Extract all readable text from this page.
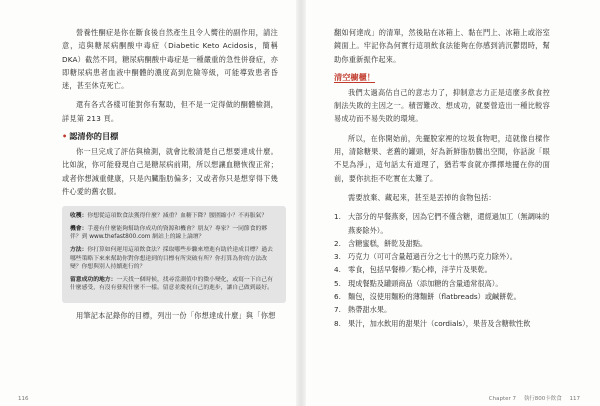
營養性酮症是你在斷食後自然產生且令人嚮往的副作用，請注意，這與糖尿病酮酸中毒症（Diabetic Keto Acidosis，簡稱 DKA）截然不同，糖尿病酮酸中毒症是一種嚴重的急性併發症，亦即糖尿病患者血液中酮體的濃度高到危險等級，可能導致患者昏迷，甚至休克死亡。

還有各式各樣可能對你有幫助，但不是一定得做的酮體檢測，詳見第 213 頁。

• 認清你的目標

你一旦完成了評估與檢測，就會比較清楚自己想要達成什麼。比如說，你可能發現自己是糖尿病前期，所以想讓血糖恢復正常；或者你想減重健康，只是內臟脂肪偏多；又或者你只是想穿得下幾件心愛的舊衣服。

收穫：你想從這項飲食法獲得什麼？減重？血糖下降？腰圍縮小？不再脹氣？
機會：手邊有什麼能夠幫助你成功的資源和機會？朋友？專家？一同節食的夥伴？到 www.thefast800.com 網站上的線上論壇？
方法：你打算如何運用這項飲食法？採取哪些步驟來增進有助於達成目標？過去哪些策略下來來幫助你對你想達到的目標有所突破有所？你打算為你的方法改變？你想與別人持續進行的？
留意成功的地方：一天找一個時候，找尋當測值中的微小變化，或寫一下自己有什麼感受，有沒有發現什麼不一樣。留意並慶祝自己的進步，讓自己做到最好。

用筆記本記錄你的目標，列出一份「你想達成什麼」與「你想

翻如何達成」的清單，然後貼在冰箱上、黏在門上、冰箱上或浴室鏡面上。牢記你為何實行這項飲食法能夠在你感到消沉鬱悶時，幫助你重新振作起來。

清空櫥櫃！

我們太過高估自己的意志力了，抑制意志力正是這麼多飲食控制法失敗的主因之一。積習難改、想成功，就要營造出一種比較容易成功而不易失敗的環境。

所以，在你開始前，先擺脫家裡的垃圾食物吧，這就像自樑作用，清除糖果、老舊的罐頭，好為新鮮脂肪騰出空間，你話說「眼不見為淨」，這句話太有道理了，猶若零食就亦擇擇地擺在你的面前，要你抗拒不吃實在太難了。

需要放棄、藏起來，甚至是丟掉的食物包括：

1. 大部分的早餐燕麥，因為它們不僅含糖，還經過加工（無調味的燕麥除外）。
2. 含糖蜜糕，餅乾及甜點。
3. 巧克力（可可含量超過百分之七十的黑巧克力除外）。
4. 零食，包括早餐棒／點心棒，洋芋片及果乾。
5. 現成餐點及罐頭商品（添加糖的含量通常很高）。
6. 麵包，沒使用麵粉的薄麵餅（flatbreads）或鹹餅乾。
7. 熱帶甜水果。
8. 果汁，加水飲用的甜果汁（cordials），果昔及含糖軟性飲
116	Chapter 7 執行800卡飲食 117
